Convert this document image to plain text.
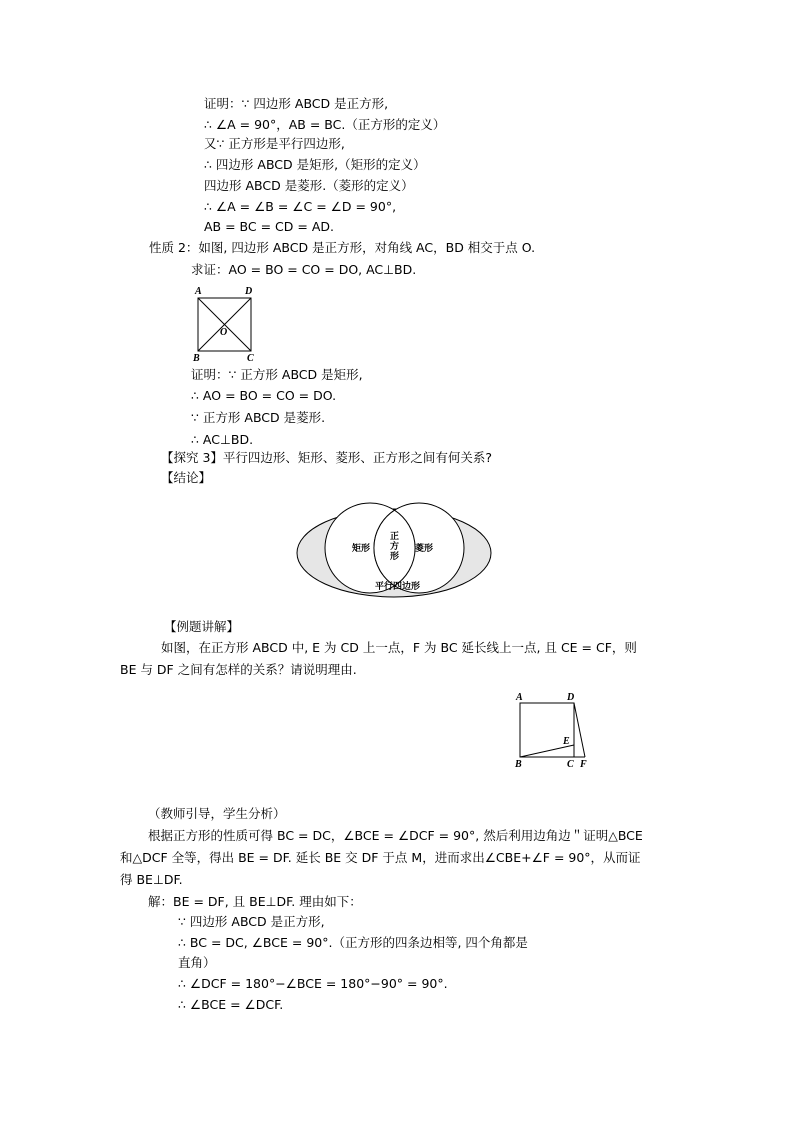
证明：∵ 四边形 ABCD 是正方形,
∴ ∠A = 90°，AB = BC.（正方形的定义）
又∵ 正方形是平行四边形,
∴ 四边形 ABCD 是矩形,（矩形的定义）
四边形 ABCD 是菱形.（菱形的定义）
∴ ∠A = ∠B = ∠C = ∠D = 90°,
AB = BC = CD = AD.
性质 2：如图, 四边形 ABCD 是正方形，对角线 AC，BD 相交于点 O.
求证：AO = BO = CO = DO, AC⊥BD.
A	D
O
B	C
证明：∵ 正方形 ABCD 是矩形,
∴ AO = BO = CO = DO.
∵ 正方形 ABCD 是菱形.
∴ AC⊥BD.
【探究 3】平行四边形、矩形、菱形、正方形之间有何关系?
【结论】
矩形	菱形
正
方
形
平行四边形
【例题讲解】
如图，在正方形 ABCD 中, E 为 CD 上一点，F 为 BC 延长线上一点, 且 CE = CF，则
BE 与 DF 之间有怎样的关系？请说明理由.
A	D
E
B	C F
（教师引导，学生分析）
根据正方形的性质可得 BC = DC，∠BCE = ∠DCF = 90°, 然后利用边角边＂证明△BCE
和△DCF 全等，得出 BE = DF. 延长 BE 交 DF 于点 M，进而求出∠CBE+∠F = 90°，从而证
得 BE⊥DF.
解：BE = DF, 且 BE⊥DF. 理由如下：
∵ 四边形 ABCD 是正方形,
∴ BC = DC, ∠BCE = 90°.（正方形的四条边相等, 四个角都是
直角）
∴ ∠DCF = 180°−∠BCE = 180°−90° = 90°.
∴ ∠BCE = ∠DCF.
